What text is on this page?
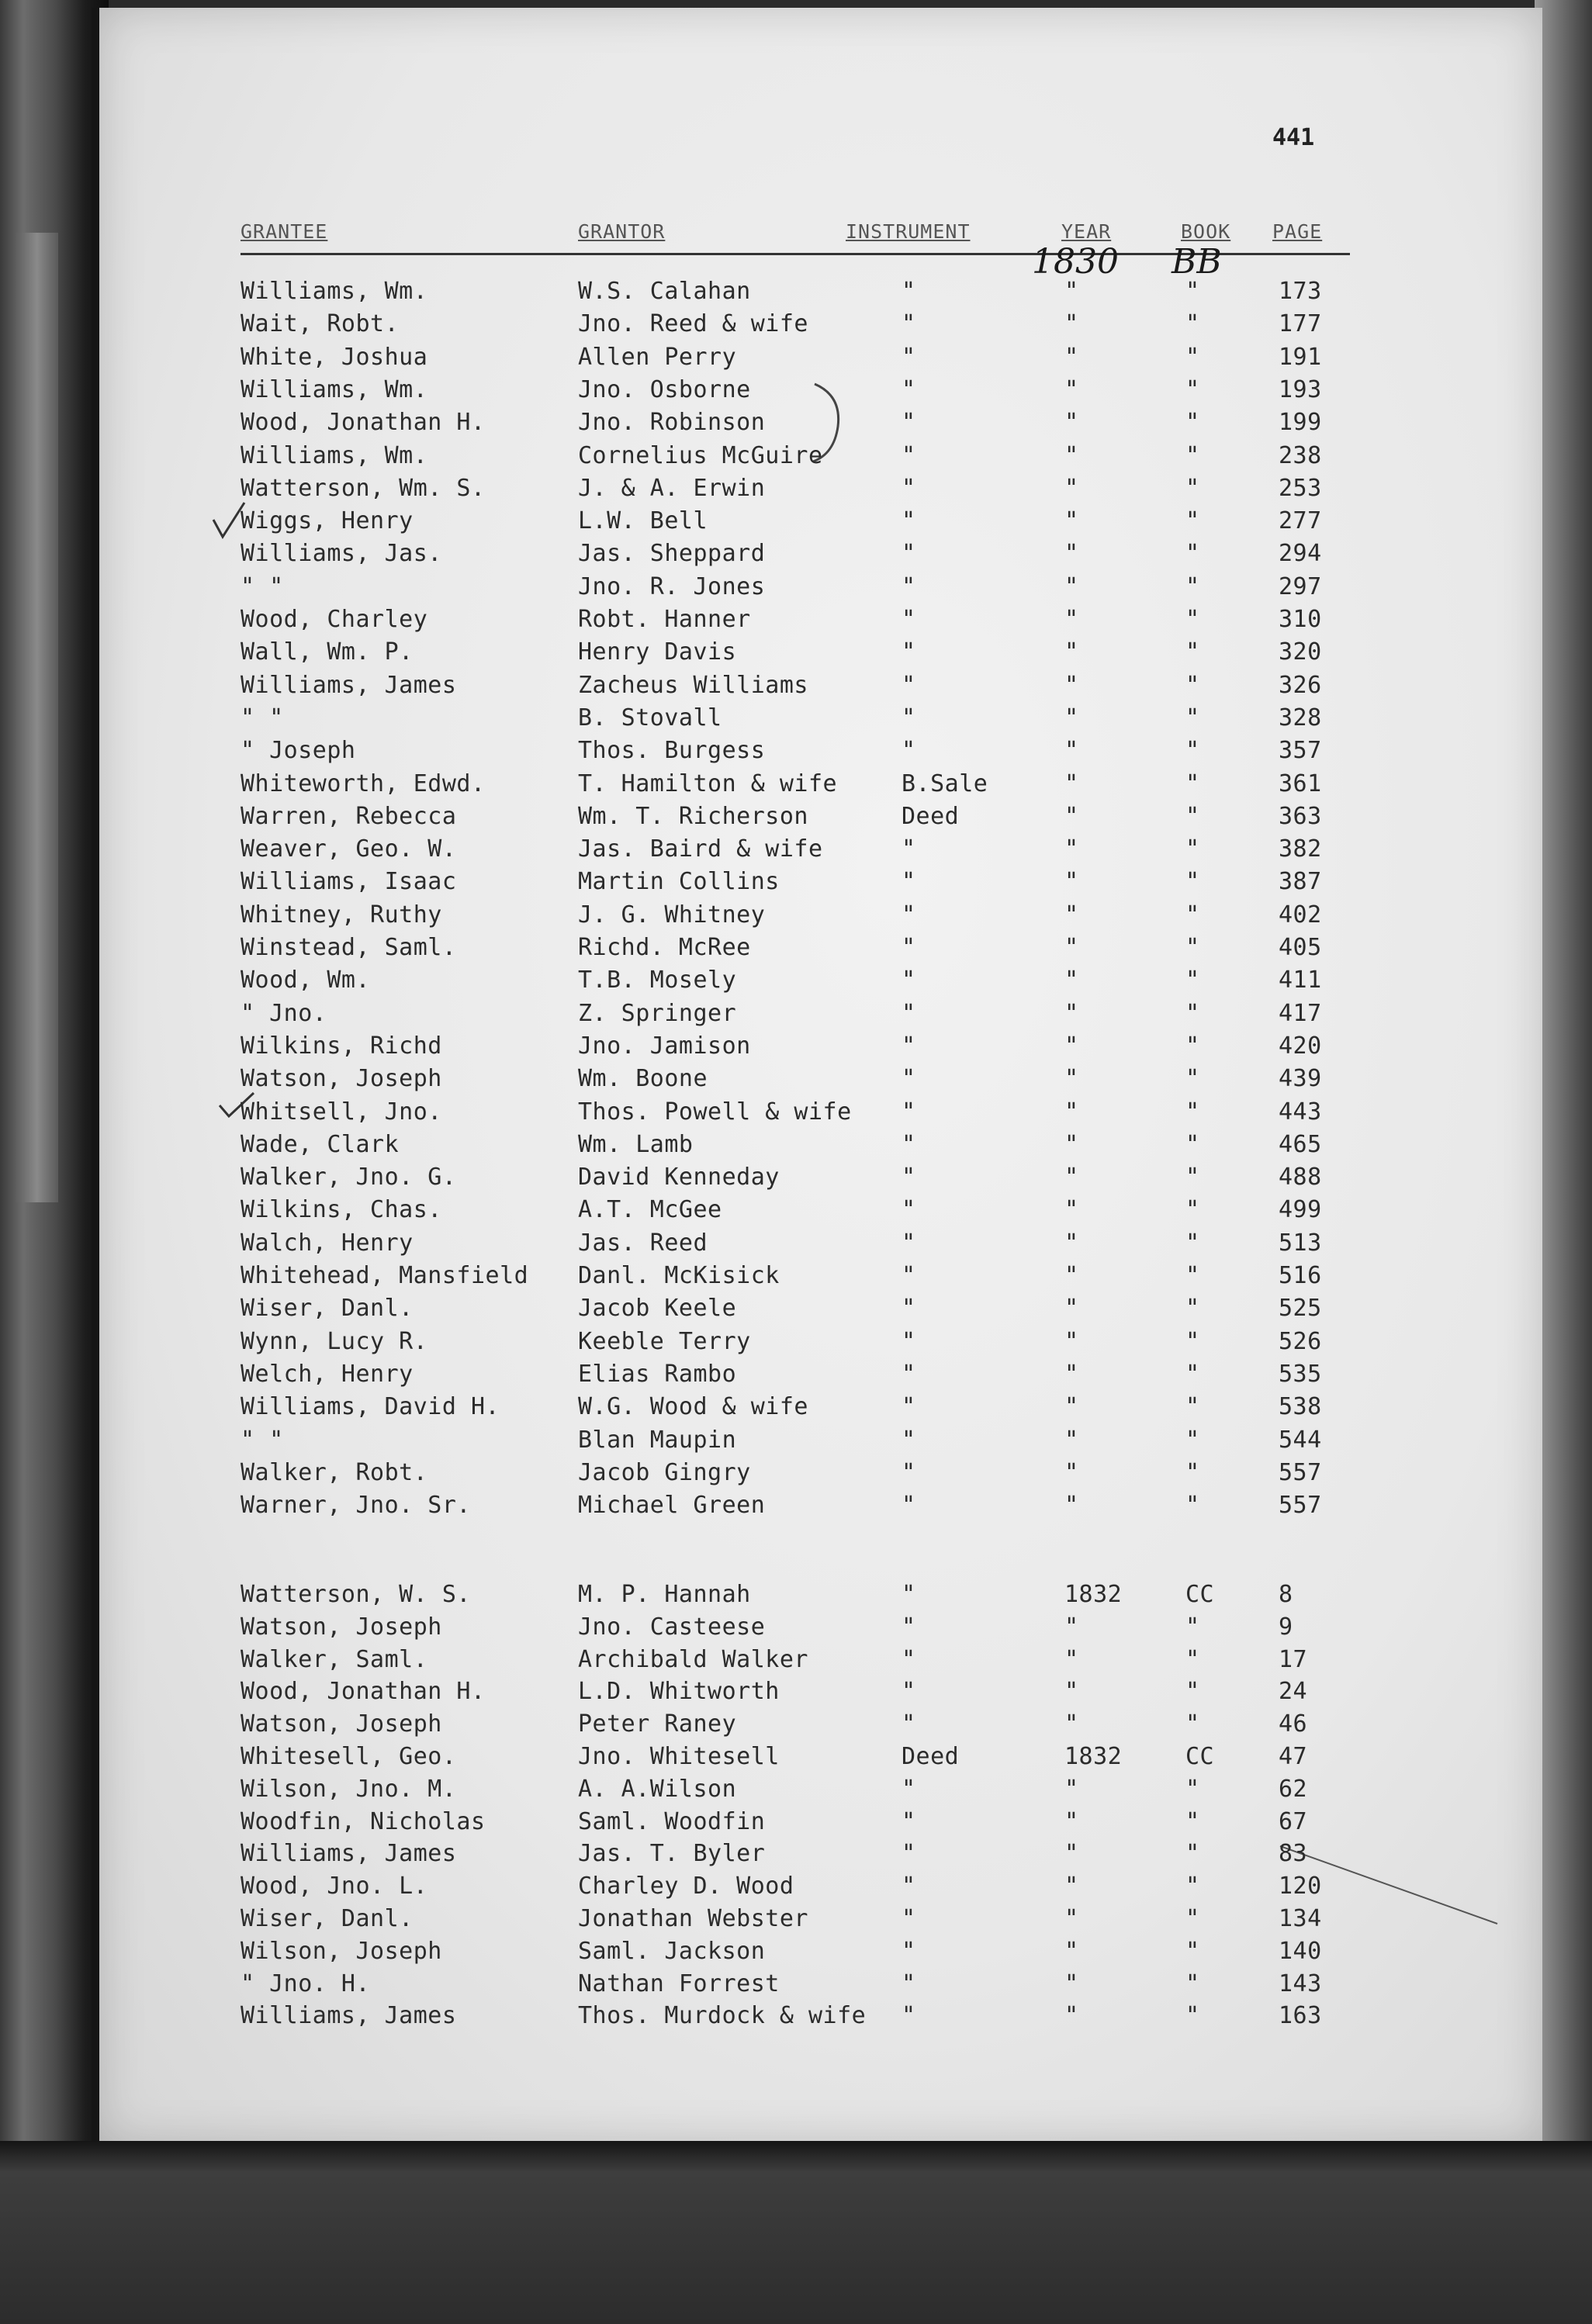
441
GRANTEE	GRANTOR	INSTRUMENT	YEAR	BOOK PAGE
1830 BB
Williams, Wm.	W.S. Calahan	"	"	"	173
Wait, Robt.	Jno. Reed & wife	"	"	"	177
White, Joshua	Allen Perry	"	"	"	191
Williams, Wm.	Jno. Osborne	"	"	"	193
Wood, Jonathan H.	Jno. Robinson	"	"	"	199
Williams, Wm.	Cornelius McGuire	"	"	"	238
Watterson, Wm. S.	J. & A. Erwin	"	"	"	253
Wiggs, Henry	L.W. Bell	"	"	"	277
Williams, Jas.	Jas. Sheppard	"	"	"	294
" "	Jno. R. Jones	"	"	"	297
Wood, Charley	Robt. Hanner	"	"	"	310
Wall, Wm. P.	Henry Davis	"	"	"	320
Williams, James	Zacheus Williams	"	"	"	326
" "	B. Stovall	"	"	"	328
" Joseph	Thos. Burgess	"	"	"	357
Whiteworth, Edwd.	T. Hamilton & wife	B.Sale	"	"	361
Warren, Rebecca	Wm. T. Richerson	Deed	"	"	363
Weaver, Geo. W.	Jas. Baird & wife	"	"	"	382
Williams, Isaac	Martin Collins	"	"	"	387
Whitney, Ruthy	J. G. Whitney	"	"	"	402
Winstead, Saml.	Richd. McRee	"	"	"	405
Wood, Wm.	T.B. Mosely	"	"	"	411
" Jno.	Z. Springer	"	"	"	417
Wilkins, Richd	Jno. Jamison	"	"	"	420
Watson, Joseph	Wm. Boone	"	"	"	439
Whitsell, Jno.	Thos. Powell & wife "	"	"	443
Wade, Clark	Wm. Lamb	"	"	"	465
Walker, Jno. G.	David Kenneday	"	"	"	488
Wilkins, Chas.	A.T. McGee	"	"	"	499
Walch, Henry	Jas. Reed	"	"	"	513
Whitehead, Mansfield Danl. McKisick	"	"	"	516
Wiser, Danl.	Jacob Keele	"	"	"	525
Wynn, Lucy R.	Keeble Terry	"	"	"	526
Welch, Henry	Elias Rambo	"	"	"	535
Williams, David H.	W.G. Wood & wife	"	"	"	538
" "	Blan Maupin	"	"	"	544
Walker, Robt.	Jacob Gingry	"	"	"	557
Warner, Jno. Sr.	Michael Green	"	"	"	557
Watterson, W. S.	M. P. Hannah	"	1832	CC	8
Watson, Joseph	Jno. Casteese	"	"	"	9
Walker, Saml.	Archibald Walker	"	"	"	17
Wood, Jonathan H.	L.D. Whitworth	"	"	"	24
Watson, Joseph	Peter Raney	"	"	"	46
Whitesell, Geo.	Jno. Whitesell	Deed	1832	CC	47
Wilson, Jno. M.	A. A.Wilson	"	"	"	62
Woodfin, Nicholas	Saml. Woodfin	"	"	"	67
Williams, James	Jas. T. Byler	"	"	"	83
Wood, Jno. L.	Charley D. Wood	"	"	"	120
Wiser, Danl.	Jonathan Webster	"	"	"	134
Wilson, Joseph	Saml. Jackson	"	"	"	140
" Jno. H.	Nathan Forrest	"	"	"	143
Williams, James	Thos. Murdock & wife "	"	"	163
